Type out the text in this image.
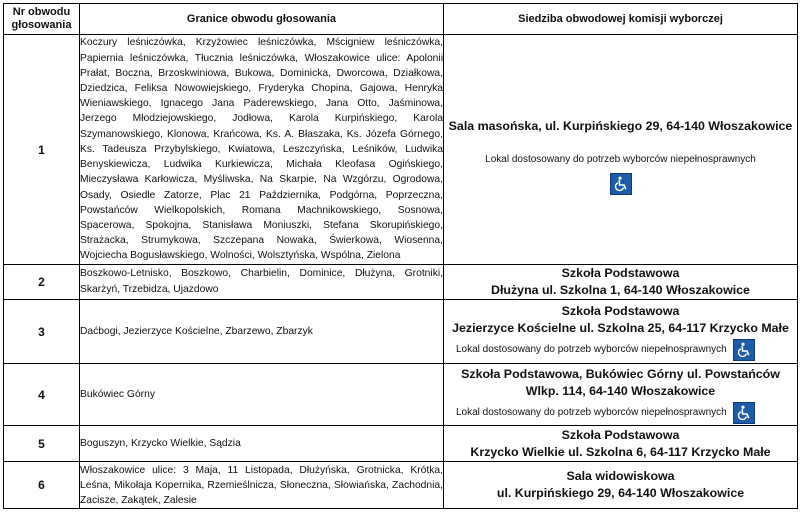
Nr obwodu głosowania	Granice obwodu głosowania	Siedziba obwodowej komisji wyborczej
1	Koczury leśniczówka, Krzyżowiec leśniczówka, Mścigniew leśniczówka, Papiernia leśniczówka, Tłucznia leśniczówka, Włoszakowice ulice: Apolonii Prałat, Boczna, Brzoskwiniowa, Bukowa, Dominicka, Dworcowa, Działkowa, Dziedzica, Feliksa Nowowiejskiego, Fryderyka Chopina, Gajowa, Henryka Wieniawskiego, Ignacego Jana Paderewskiego, Jana Otto, Jaśminowa, Jerzego Młodziejowskiego, Jodłowa, Karola Kurpińskiego, Karola Szymanowskiego, Klonowa, Krańcowa, Ks. A. Błaszaka, Ks. Józefa Górnego, Ks. Tadeusza Przybylskiego, Kwiatowa, Leszczyńska, Leśników, Ludwika Benyskiewicza, Ludwika Kurkiewicza, Michała Kleofasa Ogińskiego, Mieczysława Karłowicza, Myśliwska, Na Skarpie, Na Wzgórzu, Ogrodowa, Osady, Osiedle Zatorze, Plac 21 Października, Podgórna, Poprzeczna, Powstańców Wielkopolskich, Romana Machnikowskiego, Sosnowa, Spacerowa, Spokojna, Stanisława Moniuszki, Stefana Skorupińskiego, Strażacka, Strumykowa, Szczepana Nowaka, Świerkowa, Wiosenna, Wojciecha Bogusławskiego, Wolności, Wolsztyńska, Wspólna, Zielona	Sala masońska, ul. Kurpińskiego 29, 64-140 Włoszakowice
Lokal dostosowany do potrzeb wyborców niepełnosprawnych

2	Boszkowo-Letnisko, Boszkowo, Charbielin, Dominice, Dłużyna, Grotniki, Skarżyń, Trzebidza, Ujazdowo	Szkoła Podstawowa
Dłużyna ul. Szkolna 1, 64-140 Włoszakowice

3	Daćbogi, Jezierzyce Kościelne, Zbarzewo, Zbarzyk	Szkoła Podstawowa
Jezierzyce Kościelne ul. Szkolna 25, 64-117 Krzycko Małe
Lokal dostosowany do potrzeb wyborców niepełnosprawnych

4	Bukówiec Górny	Szkoła Podstawowa, Bukówiec Górny ul. Powstańców
Wlkp. 114, 64-140 Włoszakowice
Lokal dostosowany do potrzeb wyborców niepełnosprawnych

5	Boguszyn, Krzycko Wielkie, Sądzia	Szkoła Podstawowa
Krzycko Wielkie ul. Szkolna 6, 64-117 Krzycko Małe

6	Włoszakowice ulice: 3 Maja, 11 Listopada, Dłużyńska, Grotnicka, Krótka, Leśna, Mikołaja Kopernika, Rzemieślnicza, Słoneczna, Słowiańska, Zachodnia, Zacisze, Zakątek, Zalesie	Sala widowiskowa
ul. Kurpińskiego 29, 64-140 Włoszakowice
